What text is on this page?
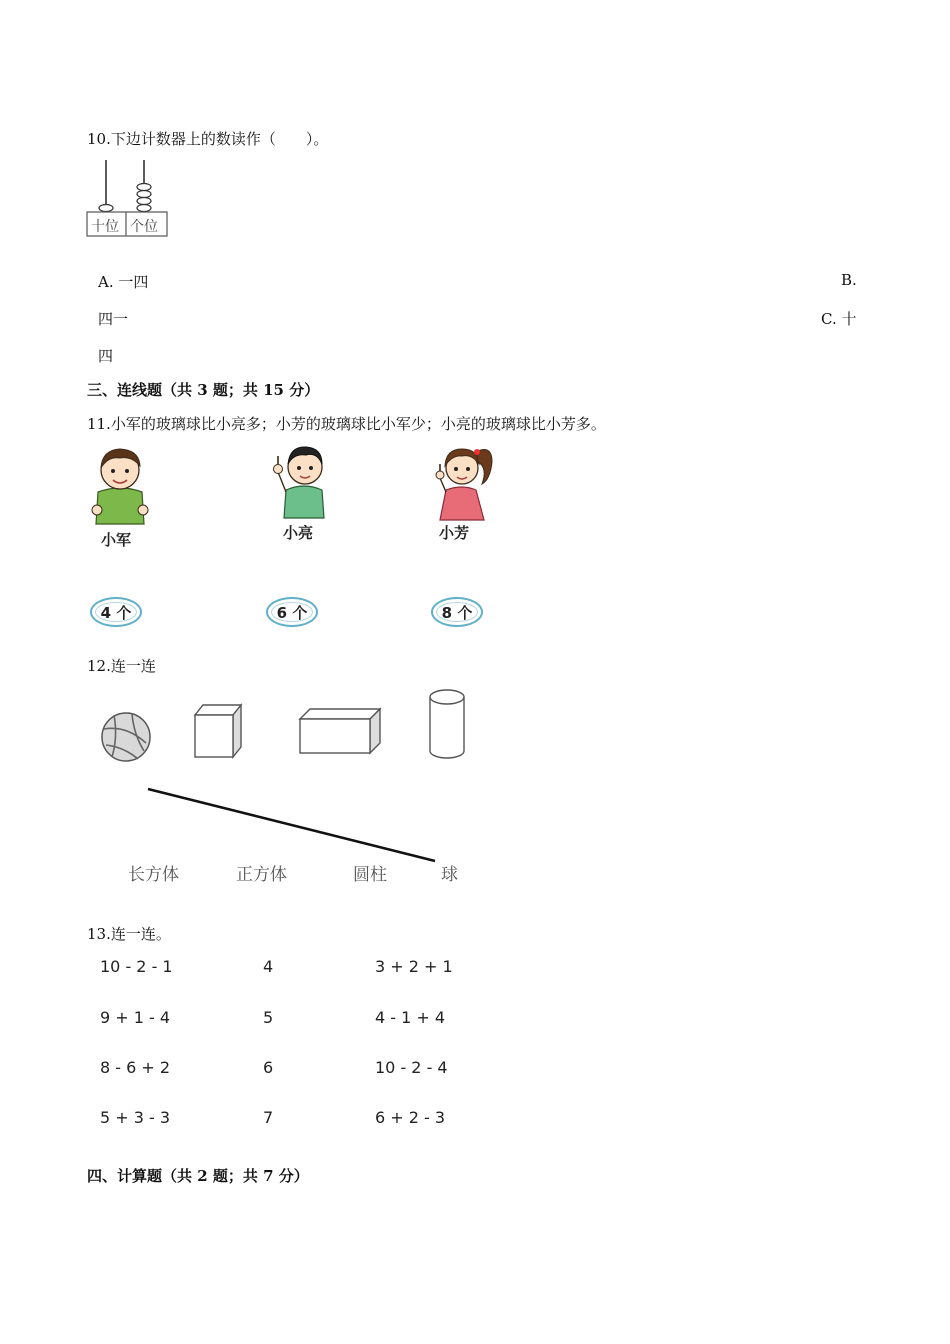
10.下边计数器上的数读作（　　）。
十位 个位
A. 一四	B.
四一	C. 十
四
三、连线题（共 3 题；共 15 分）
11.小军的玻璃球比小亮多；小芳的玻璃球比小军少；小亮的玻璃球比小芳多。
小军	小亮	小芳
4 个	6 个	8 个
12.连一连
长方体	正方体	圆柱	球
13.连一连。
10 - 2 - 1	4	3 + 2 + 1
9 + 1 - 4	5	4 - 1 + 4
8 - 6 + 2	6	10 - 2 - 4
5 + 3 - 3	7	6 + 2 - 3
四、计算题（共 2 题；共 7 分）
